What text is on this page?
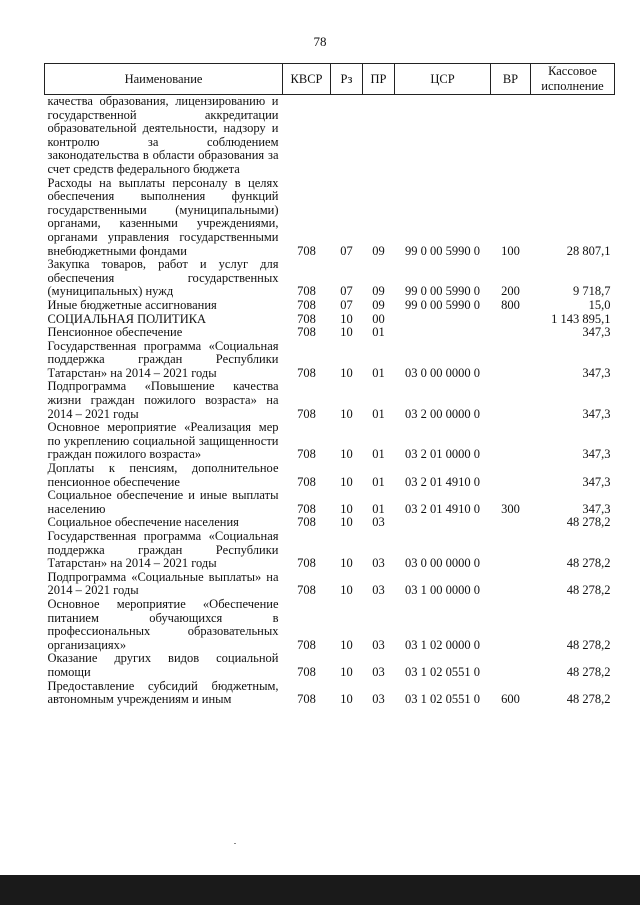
78
Наименование	КВСР	Рз	ПР	ЦСР	ВР	Кассовое
исполнение
качества образования, лицензированию и государственной аккредитации образовательной деятельности, надзору и контролю за соблюдением законодательства в области образования за счет средств федерального бюджета						
Расходы на выплаты персоналу в целях обеспечения выполнения функций государственными (муниципальными) органами, казенными учреждениями, органами управления государственными внебюджетными фондами	708	07	09	99 0 00 5990 0	100	28 807,1
Закупка товаров, работ и услуг для обеспечения государственных (муниципальных) нужд	708	07	09	99 0 00 5990 0	200	9 718,7
Иные бюджетные ассигнования	708	07	09	99 0 00 5990 0	800	15,0
СОЦИАЛЬНАЯ ПОЛИТИКА	708	10	00			1 143 895,1
Пенсионное обеспечение	708	10	01			347,3
Государственная программа «Социальная поддержка граждан Республики Татарстан» на 2014 – 2021 годы	708	10	01	03 0 00 0000 0		347,3
Подпрограмма «Повышение качества жизни граждан пожилого возраста» на 2014 – 2021 годы	708	10	01	03 2 00 0000 0		347,3
Основное мероприятие «Реализация мер по укреплению социальной защищенности граждан пожилого возраста»	708	10	01	03 2 01 0000 0		347,3
Доплаты к пенсиям, дополнительное пенсионное обеспечение	708	10	01	03 2 01 4910 0		347,3
Социальное обеспечение и иные выплаты населению	708	10	01	03 2 01 4910 0	300	347,3
Социальное обеспечение населения	708	10	03			48 278,2
Государственная программа «Социальная поддержка граждан Республики Татарстан» на 2014 – 2021 годы	708	10	03	03 0 00 0000 0		48 278,2
Подпрограмма «Социальные выплаты» на 2014 – 2021 годы	708	10	03	03 1 00 0000 0		48 278,2
Основное мероприятие «Обеспечение питанием обучающихся в профессиональных образовательных организациях»	708	10	03	03 1 02 0000 0		48 278,2
Оказание других видов социальной помощи	708	10	03	03 1 02 0551 0		48 278,2
Предоставление субсидий бюджетным, автономным учреждениям и иным	708	10	03	03 1 02 0551 0	600	48 278,2
